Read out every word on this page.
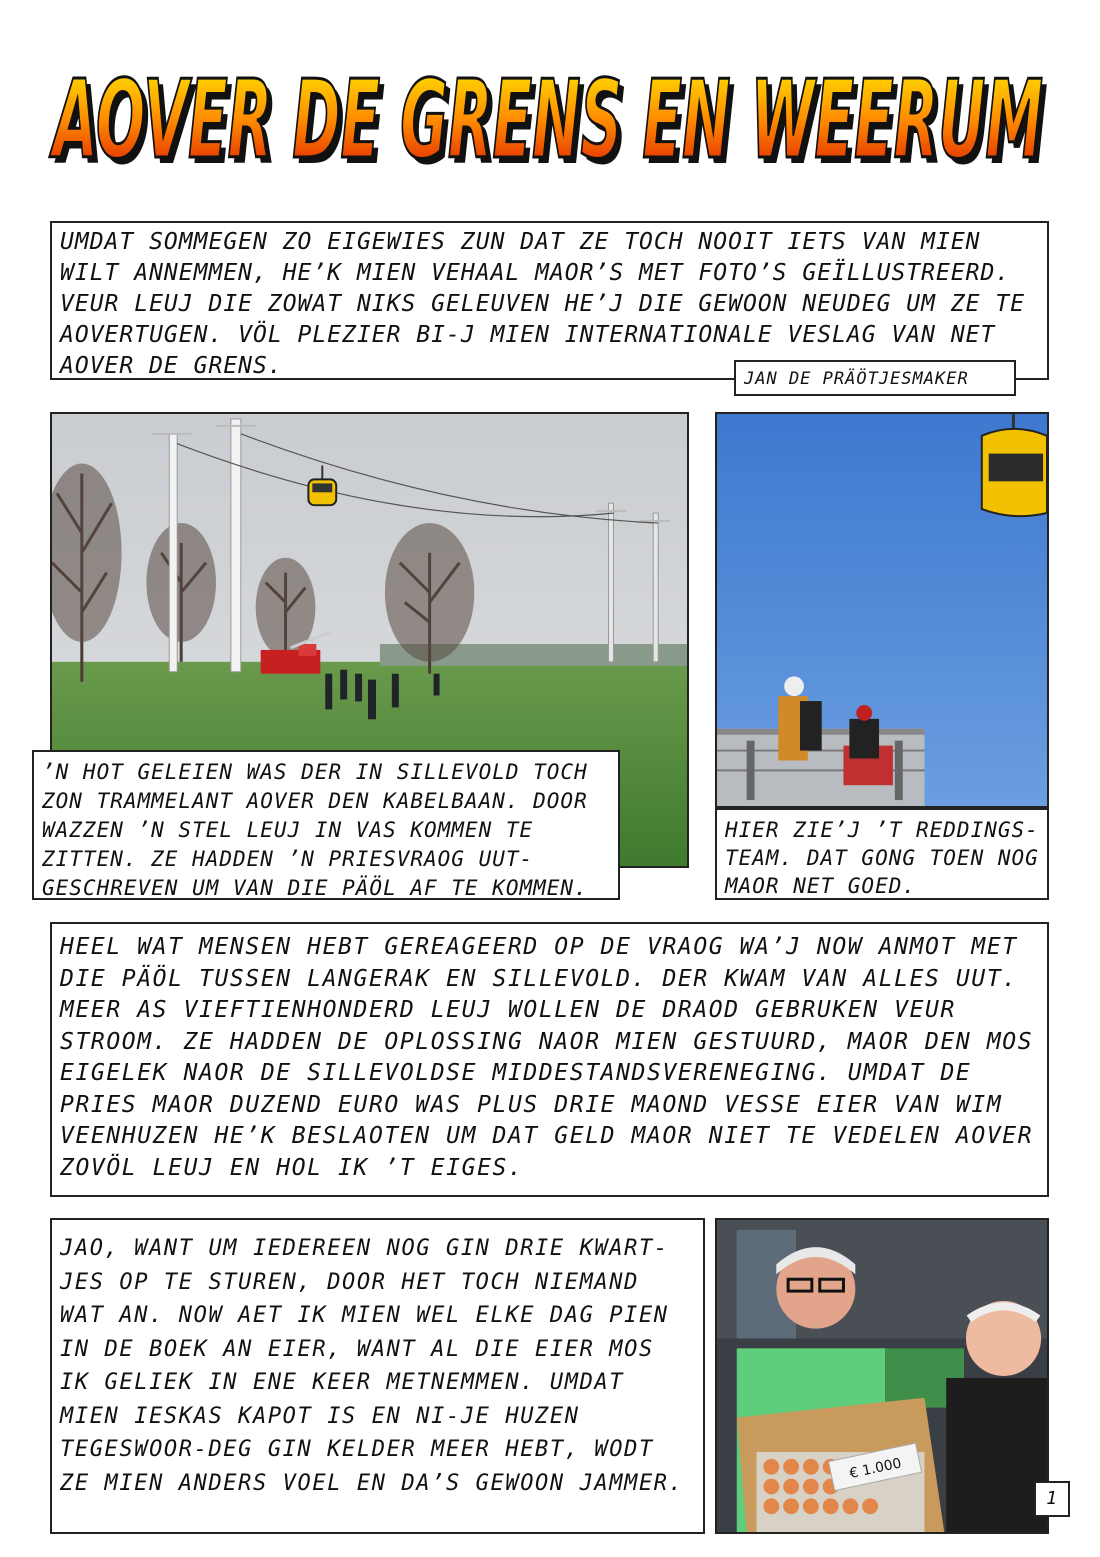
AOVER DE GRENS EN WEERUM
AOVER DE GRENS EN WEERUM

UMDAT SOMMEGEN ZO EIGEWIES ZUN DAT ZE TOCH NOOIT IETS VAN MIEN WILT ANNEMMEN, HE’K MIEN VEHAAL MAOR’S MET FOTO’S GEÏLLUSTREERD. VEUR LEUJ DIE ZOWAT NIKS GELEUVEN HE’J DIE GEWOON NEUDEG UM ZE TE AOVERTUGEN. VÖL PLEZIER BI-J MIEN INTERNATIONALE VESLAG VAN NET AOVER DE GRENS.	JAN DE PRÄÖTJESMAKER

’N HOT GELEIEN WAS DER IN SILLEVOLD TOCH ZON TRAMMELANT AOVER DEN KABELBAAN. DOOR WAZZEN ’N STEL LEUJ IN VAS KOMMEN TE ZITTEN. ZE HADDEN ’N PRIESVRAOG UUT-GESCHREVEN UM VAN DIE PÄÖL AF TE KOMMEN.

HIER ZIE’J ’T REDDINGS-TEAM. DAT GONG TOEN NOG MAOR NET GOED.

HEEL WAT MENSEN HEBT GEREAGEERD OP DE VRAOG WA’J NOW ANMOT MET DIE PÄÖL TUSSEN LANGERAK EN SILLEVOLD. DER KWAM VAN ALLES UUT. MEER AS VIEFTIENHONDERD LEUJ WOLLEN DE DRAOD GEBRUKEN VEUR STROOM. ZE HADDEN DE OPLOSSING NAOR MIEN GESTUURD, MAOR DEN MOS EIGELEK NAOR DE SILLEVOLDSE MIDDESTANDSVERENEGING. UMDAT DE PRIES MAOR DUZEND EURO WAS PLUS DRIE MAOND VESSE EIER VAN WIM VEENHUZEN HE’K BESLAOTEN UM DAT GELD MAOR NIET TE VEDELEN AOVER ZOVÖL LEUJ EN HOL IK ’T EIGES.

JAO, WANT UM IEDEREEN NOG GIN DRIE KWART-JES OP TE STUREN, DOOR HET TOCH NIEMAND WAT AN. NOW AET IK MIEN WEL ELKE DAG PIEN IN DE BOEK AN EIER, WANT AL DIE EIER MOS IK GELIEK IN ENE KEER METNEMMEN. UMDAT MIEN IESKAS KAPOT IS EN NI-JE HUZEN TEGESWOOR-DEG GIN KELDER MEER HEBT, WODT ZE MIEN ANDERS VOEL EN DA’S GEWOON JAMMER.

€ 1.000
1
